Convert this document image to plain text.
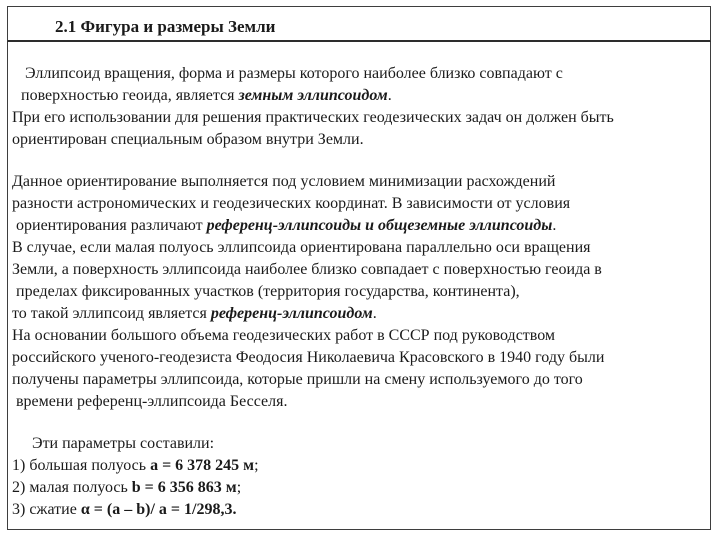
2.1 Фигура и размеры Земли
Эллипсоид вращения, форма и размеры которого наиболее близко совпадают с
поверхностью геоида, является земным эллипсоидом.
При его использовании для решения практических геодезических задач он должен быть
ориентирован специальным образом внутри Земли.
Данное ориентирование выполняется под условием минимизации расхождений
разности астрономических и геодезических координат. В зависимости от условия
ориентирования различают референц-эллипсоиды и общеземные эллипсоиды.
В случае, если малая полуось эллипсоида ориентирована параллельно оси вращения
Земли, а поверхность эллипсоида наиболее близко совпадает с поверхностью геоида в
пределах фиксированных участков (территория государства, континента),
то такой эллипсоид является референц-эллипсоидом.
На основании большого объема геодезических работ в СССР под руководством
российского ученого-геодезиста Феодосия Николаевича Красовского в 1940 году были
получены параметры эллипсоида, которые пришли на смену используемого до того
времени референц-эллипсоида Бесселя.
Эти параметры составили:
1) большая полуось а = 6 378 245 м;
2) малая полуось b = 6 356 863 м;
3) сжатие α = (a – b)/ a = 1/298,3.
